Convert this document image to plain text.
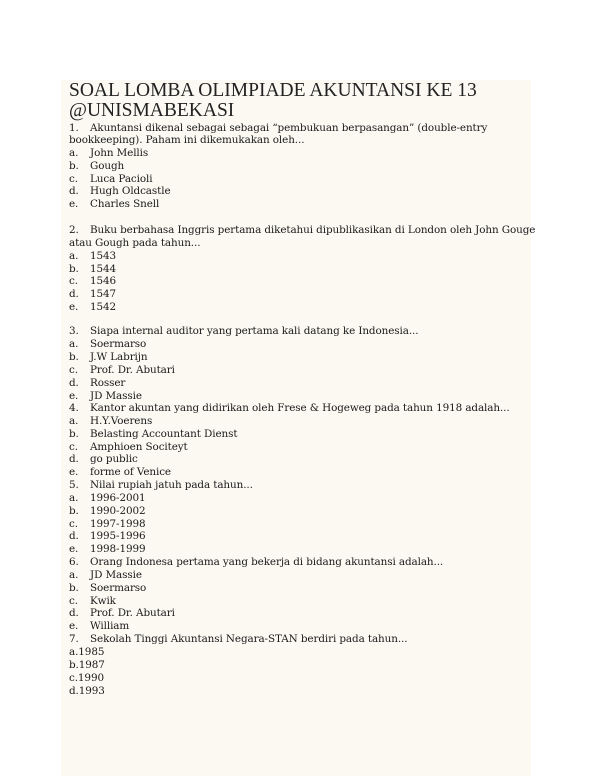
SOAL LOMBA OLIMPIADE AKUNTANSI KE 13
@UNISMABEKASI
1. Akuntansi dikenal sebagai sebagai “pembukuan berpasangan” (double-entry
bookkeeping). Paham ini dikemukakan oleh...
a. John Mellis
b. Gough
c. Luca Pacioli
d. Hugh Oldcastle
e. Charles Snell
2. Buku berbahasa Inggris pertama diketahui dipublikasikan di London oleh John Gouge
atau Gough pada tahun...
a. 1543
b. 1544
c. 1546
d. 1547
e. 1542
3. Siapa internal auditor yang pertama kali datang ke Indonesia...
a. Soermarso
b. J.W Labrijn
c. Prof. Dr. Abutari
d. Rosser
e. JD Massie
4. Kantor akuntan yang didirikan oleh Frese & Hogeweg pada tahun 1918 adalah...
a. H.Y.Voerens
b. Belasting Accountant Dienst
c. Amphioen Sociteyt
d. go public
e. forme of Venice
5. Nilai rupiah jatuh pada tahun...
a. 1996-2001
b. 1990-2002
c. 1997-1998
d. 1995-1996
e. 1998-1999
6. Orang Indonesa pertama yang bekerja di bidang akuntansi adalah...
a. JD Massie
b. Soermarso
c. Kwik
d. Prof. Dr. Abutari
e. William
7. Sekolah Tinggi Akuntansi Negara-STAN berdiri pada tahun...
a.1985
b.1987
c.1990
d.1993
